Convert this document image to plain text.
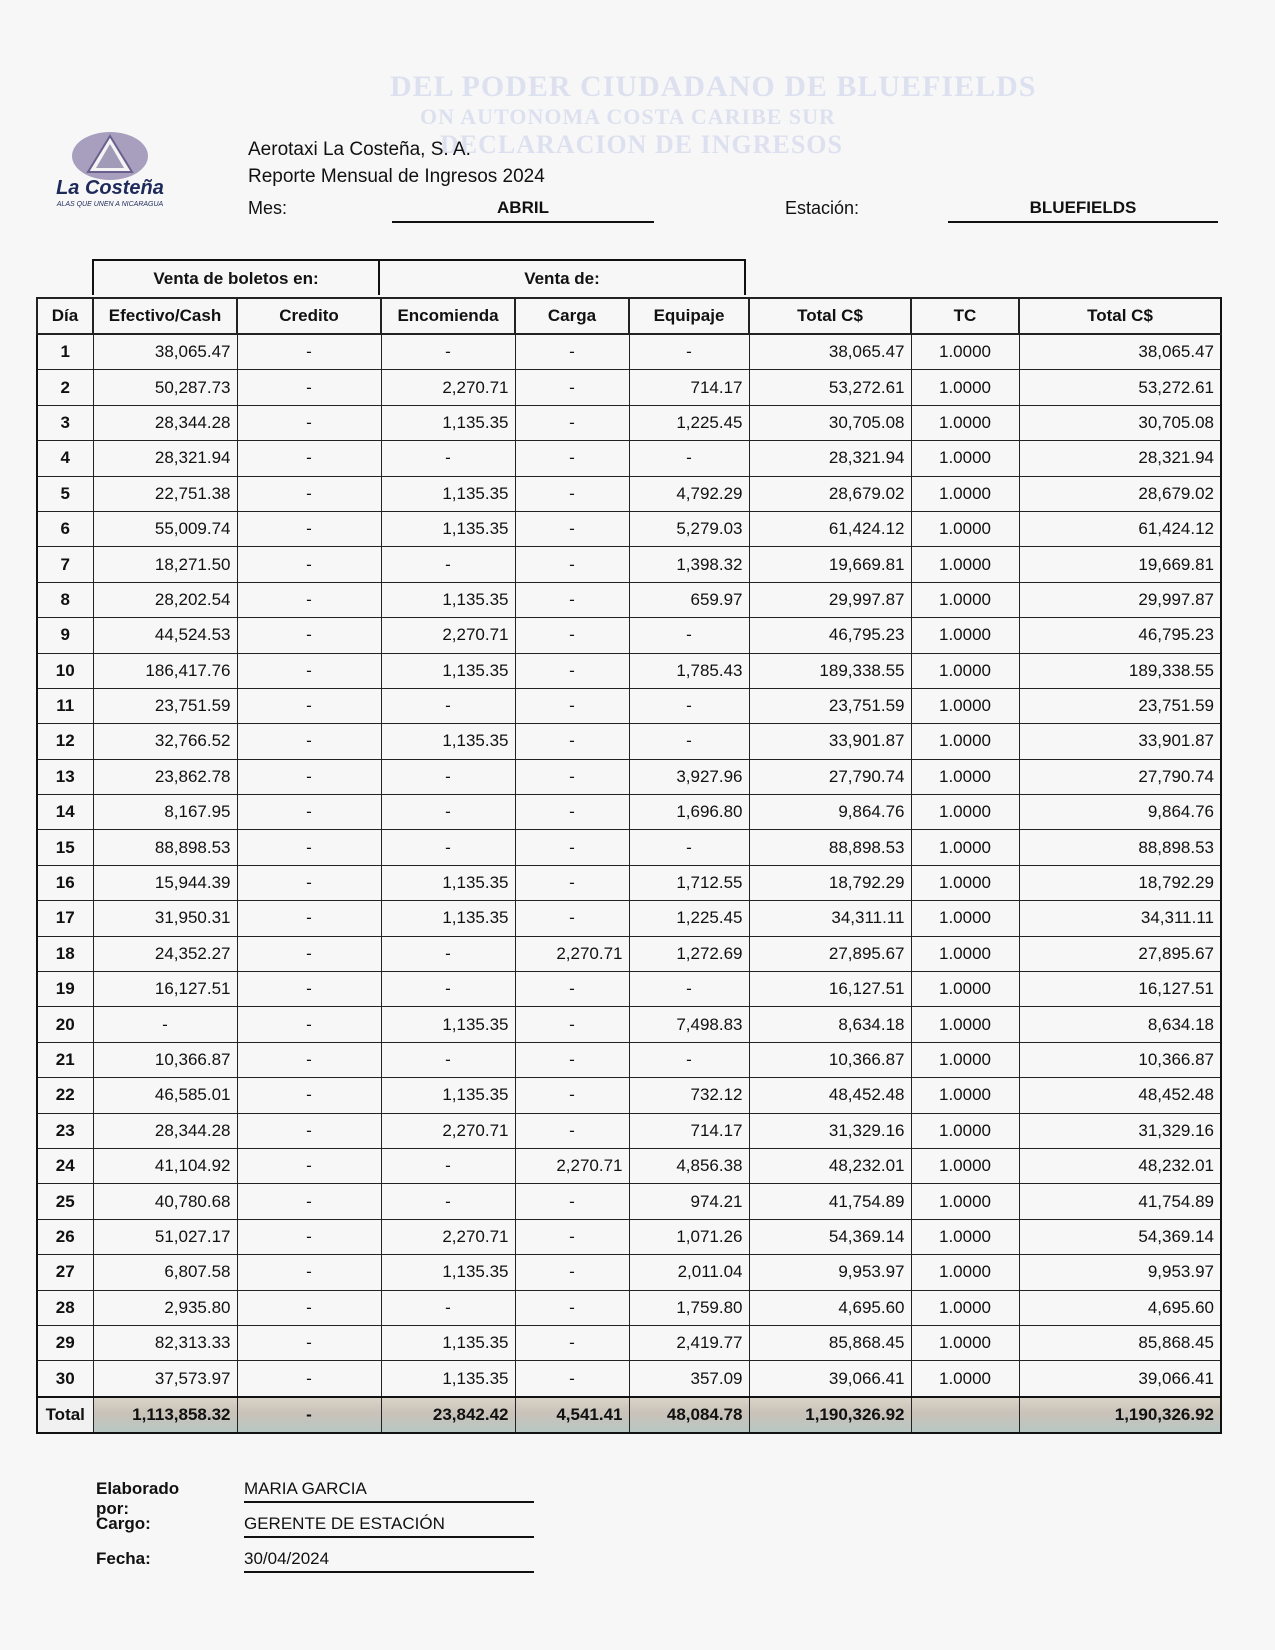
DEL PODER CIUDADANO DE BLUEFIELDS
ON AUTONOMA COSTA CARIBE SUR
DECLARACION DE INGRESOS
La Costeña
ALAS QUE UNEN A NICARAGUA
Aerotaxi La Costeña, S. A.
Reporte Mensual de Ingresos 2024
Mes:	ABRIL	Estación:	BLUEFIELDS
Venta de boletos en:	Venta de:
Día	Efectivo/Cash	Credito	Encomienda	Carga	Equipaje	Total C$	TC	Total C$
1	38,065.47	-	-	-	-	38,065.47	1.0000	38,065.47
2	50,287.73	-	2,270.71	-	714.17	53,272.61	1.0000	53,272.61
3	28,344.28	-	1,135.35	-	1,225.45	30,705.08	1.0000	30,705.08
4	28,321.94	-	-	-	-	28,321.94	1.0000	28,321.94
5	22,751.38	-	1,135.35	-	4,792.29	28,679.02	1.0000	28,679.02
6	55,009.74	-	1,135.35	-	5,279.03	61,424.12	1.0000	61,424.12
7	18,271.50	-	-	-	1,398.32	19,669.81	1.0000	19,669.81
8	28,202.54	-	1,135.35	-	659.97	29,997.87	1.0000	29,997.87
9	44,524.53	-	2,270.71	-	-	46,795.23	1.0000	46,795.23
10	186,417.76	-	1,135.35	-	1,785.43	189,338.55	1.0000	189,338.55
11	23,751.59	-	-	-	-	23,751.59	1.0000	23,751.59
12	32,766.52	-	1,135.35	-	-	33,901.87	1.0000	33,901.87
13	23,862.78	-	-	-	3,927.96	27,790.74	1.0000	27,790.74
14	8,167.95	-	-	-	1,696.80	9,864.76	1.0000	9,864.76
15	88,898.53	-	-	-	-	88,898.53	1.0000	88,898.53
16	15,944.39	-	1,135.35	-	1,712.55	18,792.29	1.0000	18,792.29
17	31,950.31	-	1,135.35	-	1,225.45	34,311.11	1.0000	34,311.11
18	24,352.27	-	-	2,270.71	1,272.69	27,895.67	1.0000	27,895.67
19	16,127.51	-	-	-	-	16,127.51	1.0000	16,127.51
20	-	-	1,135.35	-	7,498.83	8,634.18	1.0000	8,634.18
21	10,366.87	-	-	-	-	10,366.87	1.0000	10,366.87
22	46,585.01	-	1,135.35	-	732.12	48,452.48	1.0000	48,452.48
23	28,344.28	-	2,270.71	-	714.17	31,329.16	1.0000	31,329.16
24	41,104.92	-	-	2,270.71	4,856.38	48,232.01	1.0000	48,232.01
25	40,780.68	-	-	-	974.21	41,754.89	1.0000	41,754.89
26	51,027.17	-	2,270.71	-	1,071.26	54,369.14	1.0000	54,369.14
27	6,807.58	-	1,135.35	-	2,011.04	9,953.97	1.0000	9,953.97
28	2,935.80	-	-	-	1,759.80	4,695.60	1.0000	4,695.60
29	82,313.33	-	1,135.35	-	2,419.77	85,868.45	1.0000	85,868.45
30	37,573.97	-	1,135.35	-	357.09	39,066.41	1.0000	39,066.41
Total	1,113,858.32	-	23,842.42	4,541.41	48,084.78	1,190,326.92		1,190,326.92
Elaborado por:
MARIA GARCIA
Cargo:	GERENTE DE ESTACIÓN
Fecha:	30/04/2024
